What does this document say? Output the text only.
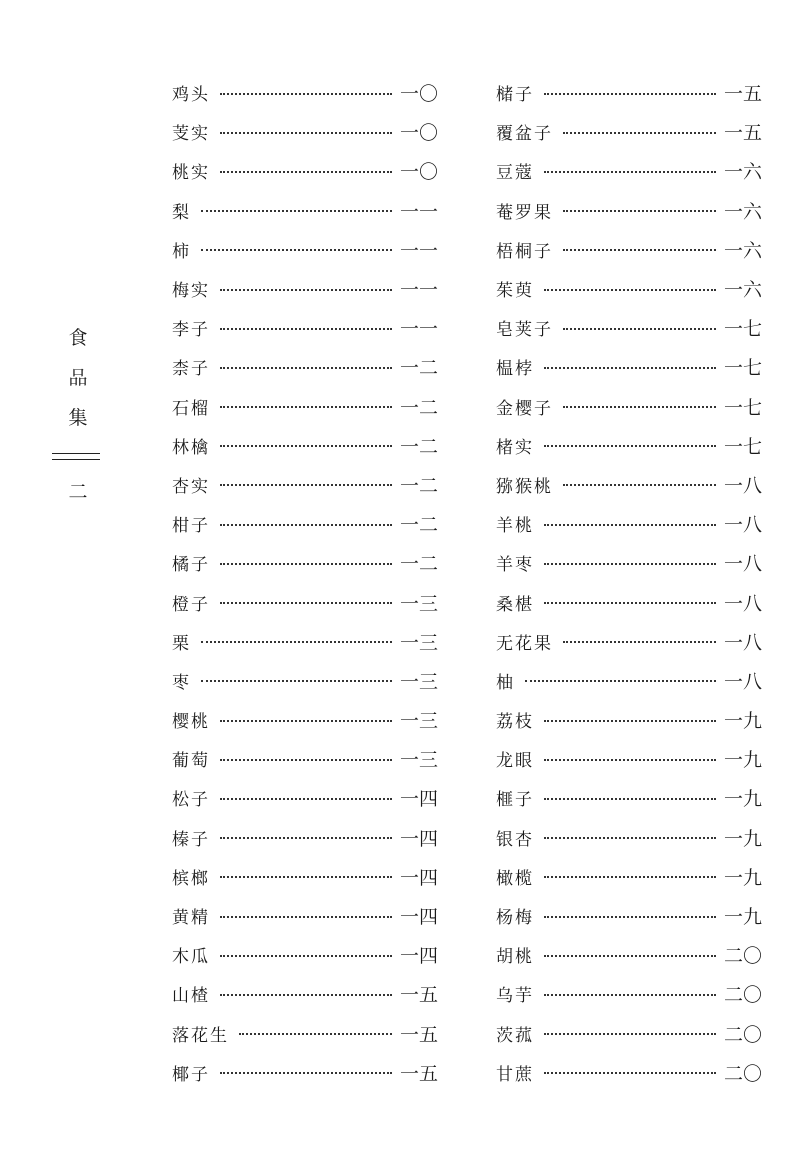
食
品
集
二
鸡头	一〇
芰实	一〇
桃实	一〇
梨	一一
柿	一一
梅实	一一
李子	一一
柰子	一二
石榴	一二
林檎	一二
杏实	一二
柑子	一二
橘子	一二
橙子	一三
栗	一三
枣	一三
樱桃	一三
葡萄	一三
松子	一四
榛子	一四
槟榔	一四
黄精	一四
木瓜	一四
山楂	一五
落花生	一五
椰子	一五
槠子	一五
覆盆子	一五
豆蔻	一六
菴罗果	一六
梧桐子	一六
茱萸	一六
皂荚子	一七
榅桲	一七
金樱子	一七
楮实	一七
猕猴桃	一八
羊桃	一八
羊枣	一八
桑椹	一八
无花果	一八
柚	一八
荔枝	一九
龙眼	一九
榧子	一九
银杏	一九
橄榄	一九
杨梅	一九
胡桃	二〇
乌芋	二〇
茨菰	二〇
甘蔗	二〇
